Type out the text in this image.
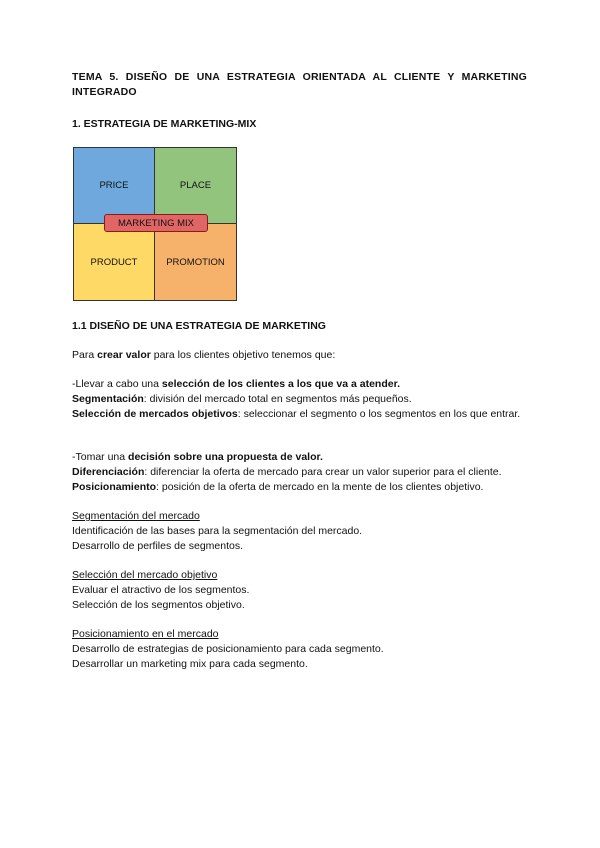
TEMA 5. DISEÑO DE UNA ESTRATEGIA ORIENTADA AL CLIENTE Y MARKETING INTEGRADO
1. ESTRATEGIA DE MARKETING-MIX
PRICE	PLACE
PRODUCT	PROMOTION
MARKETING MIX
1.1 DISEÑO DE UNA ESTRATEGIA DE MARKETING
Para crear valor para los clientes objetivo tenemos que:
-Llevar a cabo una selección de los clientes a los que va a atender.
Segmentación: división del mercado total en segmentos más pequeños.
Selección de mercados objetivos: seleccionar el segmento o los segmentos en los que entrar.
-Tomar una decisión sobre una propuesta de valor.
Diferenciación: diferenciar la oferta de mercado para crear un valor superior para el cliente.
Posicionamiento: posición de la oferta de mercado en la mente de los clientes objetivo.
Segmentación del mercado
Identificación de las bases para la segmentación del mercado.
Desarrollo de perfiles de segmentos.
Selección del mercado objetivo
Evaluar el atractivo de los segmentos.
Selección de los segmentos objetivo.
Posicionamiento en el mercado
Desarrollo de estrategias de posicionamiento para cada segmento.
Desarrollar un marketing mix para cada segmento.
